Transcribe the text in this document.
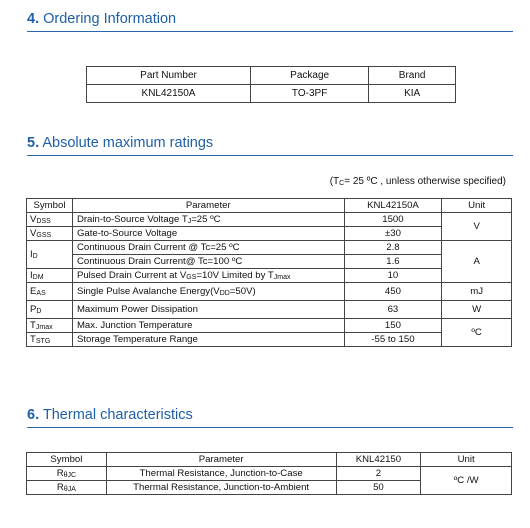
4. Ordering Information
Part Number	Package	Brand
KNL42150A	TO-3PF	KIA
5. Absolute maximum ratings
($T_C= 25$ ºC , unless otherwise specified)
Symbol	Parameter	KNL42150A	Unit
$V_{DSS}$	Drain-to-Source Voltage $T_J=25$ ºC	1500	V
$V_{GSS}$	Gate-to-Source Voltage	±30	
$I_D$	Continuous Drain Current @ Tc=25 ºC	2.8	A
	Continuous Drain Current@ Tc=100 ºC	1.6	
$I_{DM}$	Pulsed Drain Current at $V_{GS}=10V$ Limited by $T_{Jmax}$	10	
$E_{AS}$	Single Pulse Avalanche $Energy(V_{DD}=50V)$	450	mJ
$P_D$	Maximum Power Dissipation	63	W
$T_{Jmax}$	Max. Junction Temperature	150	ºC
$T_{STG}$	Storage Temperature Range	-55 to 150	
6. Thermal characteristics
Symbol	Parameter	KNL42150	Unit
$R_{\theta JC}$	Thermal Resistance, Junction-to-Case	2	ºC /W
$R_{\theta JA}$	Thermal Resistance, Junction-to-Ambient	50	
